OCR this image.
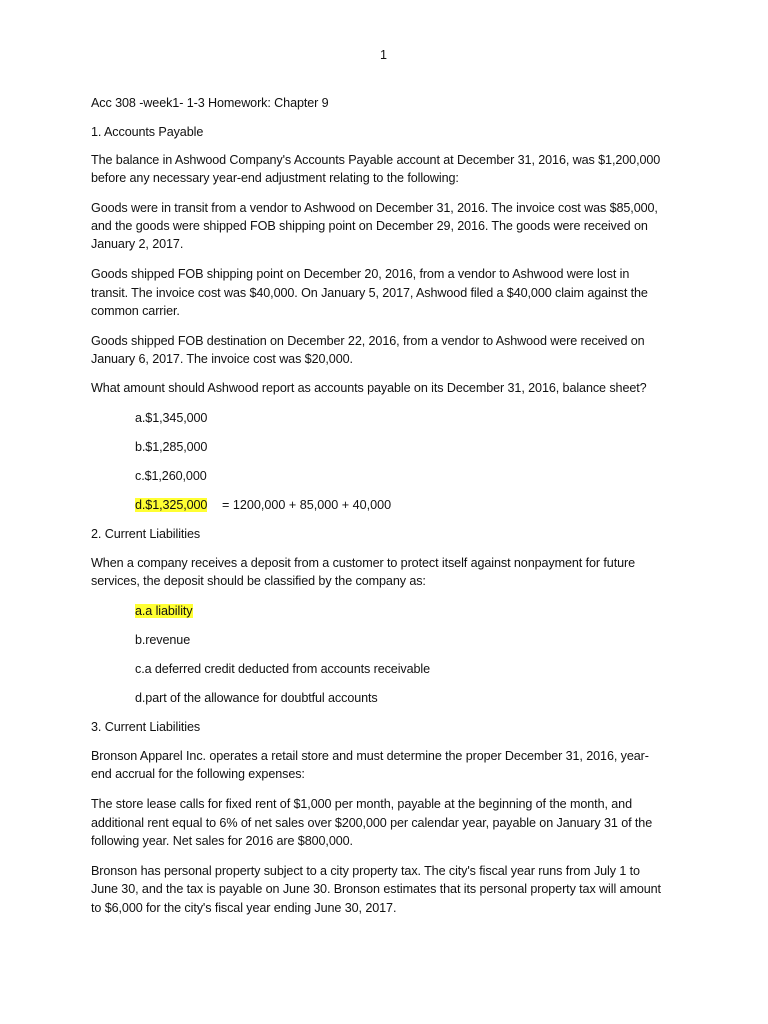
1
Acc 308 -week1- 1-3 Homework: Chapter 9
1. Accounts Payable
The balance in Ashwood Company's Accounts Payable account at December 31, 2016, was $1,200,000
before any necessary year-end adjustment relating to the following:
Goods were in transit from a vendor to Ashwood on December 31, 2016. The invoice cost was $85,000,
and the goods were shipped FOB shipping point on December 29, 2016. The goods were received on
January 2, 2017.
Goods shipped FOB shipping point on December 20, 2016, from a vendor to Ashwood were lost in
transit. The invoice cost was $40,000. On January 5, 2017, Ashwood filed a $40,000 claim against the
common carrier.
Goods shipped FOB destination on December 22, 2016, from a vendor to Ashwood were received on
January 6, 2017. The invoice cost was $20,000.
What amount should Ashwood report as accounts payable on its December 31, 2016, balance sheet?
a.$1,345,000
b.$1,285,000
c.$1,260,000
d.$1,325,000 = 1200,000 + 85,000 + 40,000
2. Current Liabilities
When a company receives a deposit from a customer to protect itself against nonpayment for future
services, the deposit should be classified by the company as:
a.a liability
b.revenue
c.a deferred credit deducted from accounts receivable
d.part of the allowance for doubtful accounts
3. Current Liabilities
Bronson Apparel Inc. operates a retail store and must determine the proper December 31, 2016, year-
end accrual for the following expenses:
The store lease calls for fixed rent of $1,000 per month, payable at the beginning of the month, and
additional rent equal to 6% of net sales over $200,000 per calendar year, payable on January 31 of the
following year. Net sales for 2016 are $800,000.
Bronson has personal property subject to a city property tax. The city's fiscal year runs from July 1 to
June 30, and the tax is payable on June 30. Bronson estimates that its personal property tax will amount
to $6,000 for the city's fiscal year ending June 30, 2017.
